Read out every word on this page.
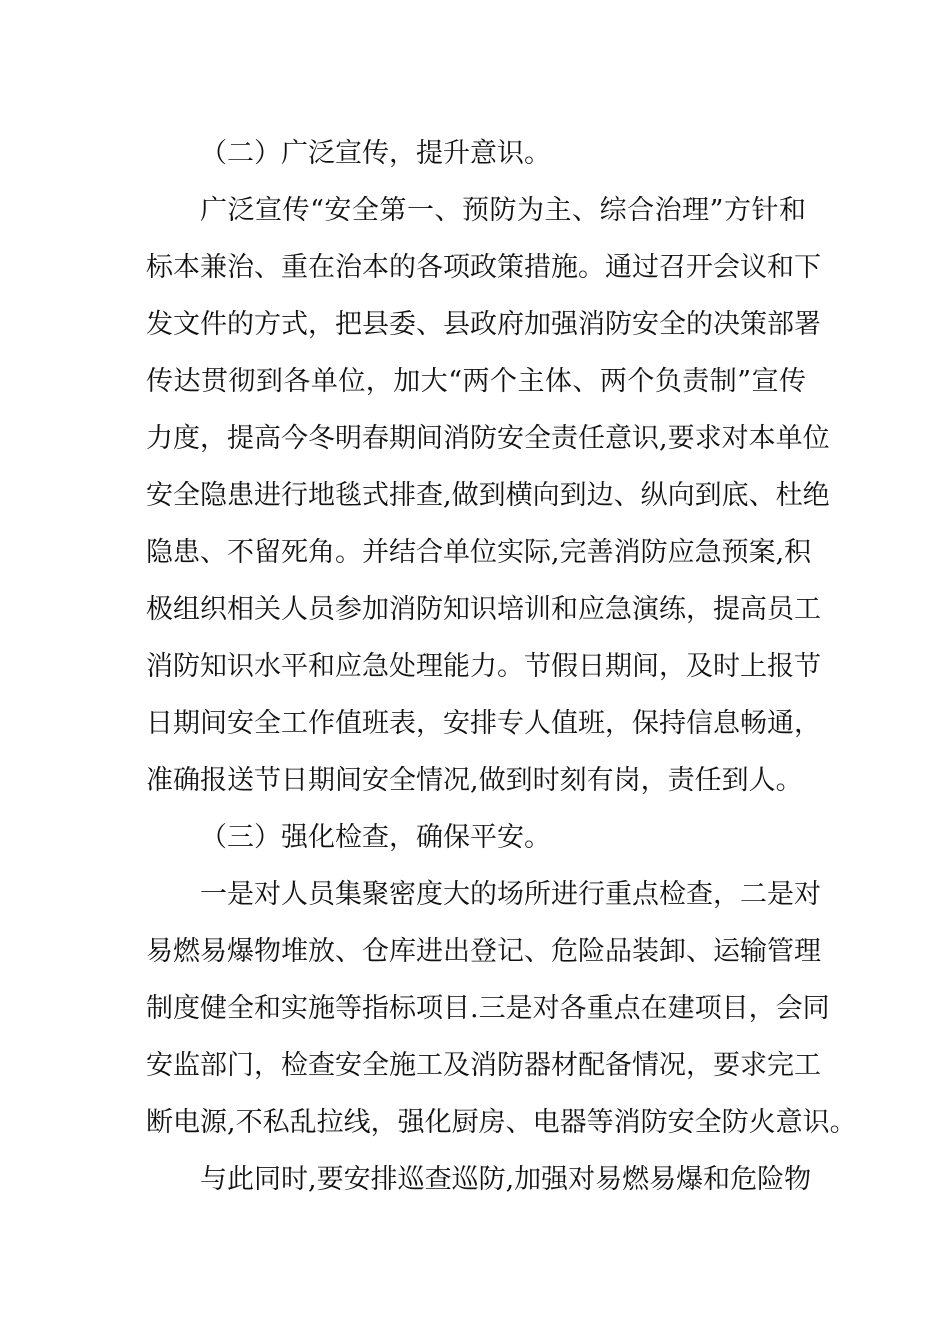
（二）广泛宣传，提升意识。
广泛宣传“安全第一、预防为主、综合治理”方针和
标本兼治、重在治本的各项政策措施。通过召开会议和下
发文件的方式，把县委、县政府加强消防安全的决策部署
传达贯彻到各单位，加大“两个主体、两个负责制”宣传
力度，提高今冬明春期间消防安全责任意识,要求对本单位
安全隐患进行地毯式排查,做到横向到边、纵向到底、杜绝
隐患、不留死角。并结合单位实际,完善消防应急预案,积
极组织相关人员参加消防知识培训和应急演练，提高员工
消防知识水平和应急处理能力。节假日期间，及时上报节
日期间安全工作值班表，安排专人值班，保持信息畅通，
准确报送节日期间安全情况,做到时刻有岗，责任到人。
（三）强化检查，确保平安。
一是对人员集聚密度大的场所进行重点检查，二是对
易燃易爆物堆放、仓库进出登记、危险品装卸、运输管理
制度健全和实施等指标项目.三是对各重点在建项目，会同
安监部门，检查安全施工及消防器材配备情况，要求完工
断电源,不私乱拉线，强化厨房、电器等消防安全防火意识。
与此同时,要安排巡查巡防,加强对易燃易爆和危险物
